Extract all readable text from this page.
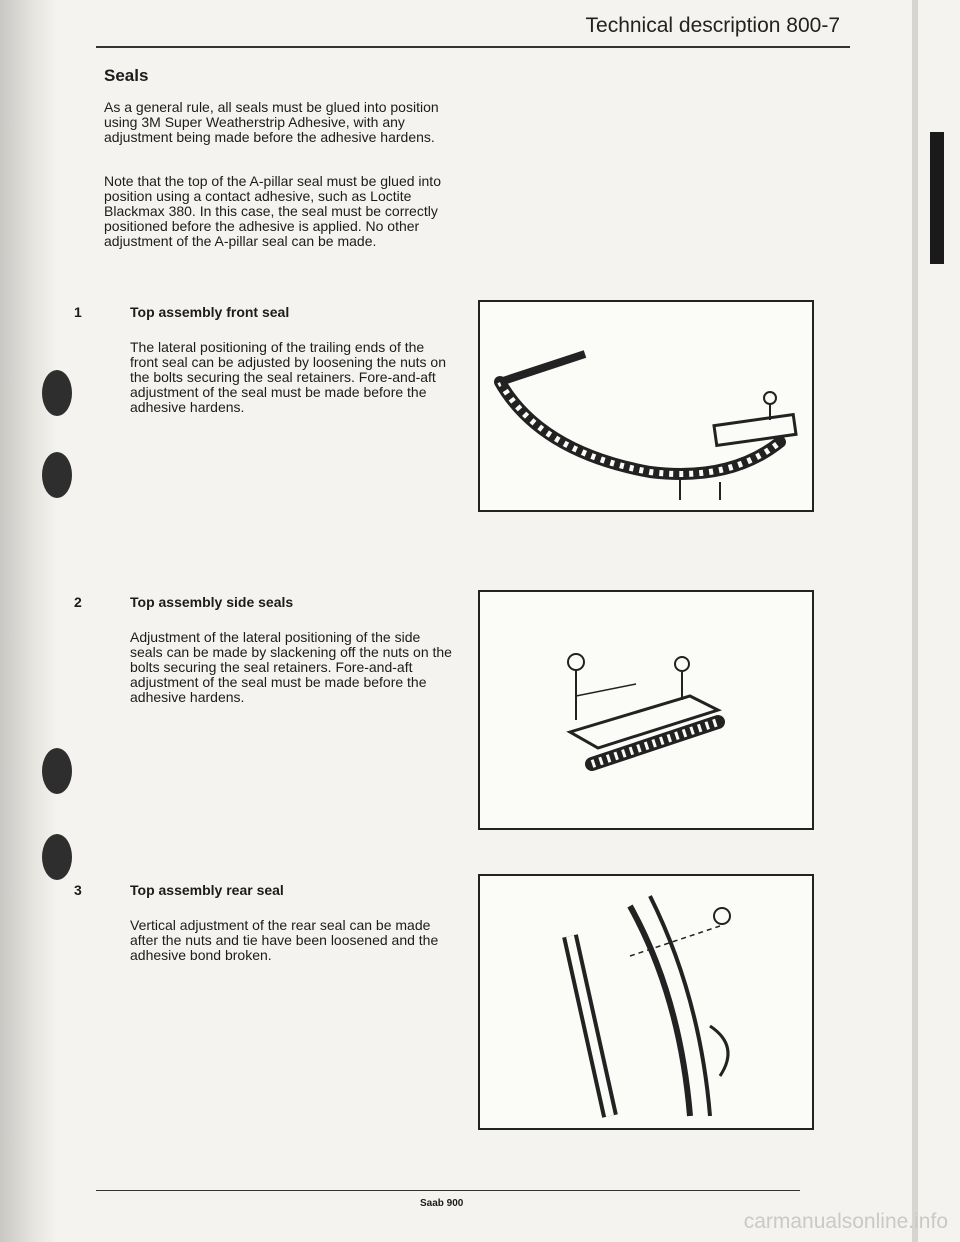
Technical description 800-7
Seals
As a general rule, all seals must be glued into position using 3M Super Weatherstrip Adhesive, with any adjustment being made before the adhesive hardens.
Note that the top of the A-pillar seal must be glued into position using a contact adhesive, such as Loctite Blackmax 380. In this case, the seal must be correctly positioned before the adhesive is applied. No other adjustment of the A-pillar seal can be made.
1	Top assembly front seal
The lateral positioning of the trailing ends of the front seal can be adjusted by loosening the nuts on the bolts securing the seal retainers. Fore-and-aft adjustment of the seal must be made before the adhesive hardens.
2	Top assembly side seals
Adjustment of the lateral positioning of the side seals can be made by slackening off the nuts on the bolts securing the seal retainers. Fore-and-aft adjustment of the seal must be made before the adhesive hardens.
3	Top assembly rear seal
Vertical adjustment of the rear seal can be made after the nuts and tie have been loosened and the adhesive bond broken.
Saab 900
carmanualsonline.info
